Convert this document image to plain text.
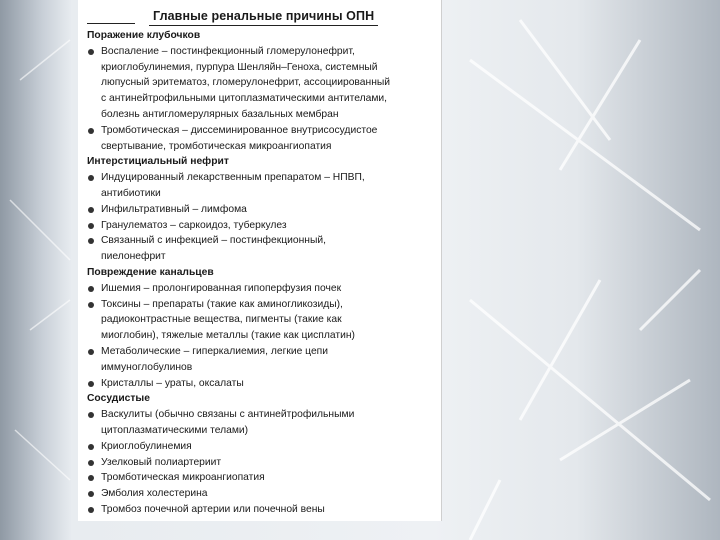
Главные ренальные причины ОПН
Поражение клубочков
Воспаление – постинфекционный гломерулонефрит,
криоглобулинемия, пурпура Шенляйн–Геноха, системный
люпусный эритематоз, гломерулонефрит, ассоциированный
с антинейтрофильными цитоплазматическими антителами,
болезнь антигломерулярных базальных мембран
Тромботическая – диссеминированное внутрисосудистое
свертывание, тромботическая микроангиопатия
Интерстициальный нефрит
Индуцированный лекарственным препаратом – НПВП,
антибиотики
Инфильтративный – лимфома
Гранулематоз – саркоидоз, туберкулез
Связанный с инфекцией – постинфекционный,
пиелонефрит
Повреждение канальцев
Ишемия – пролонгированная гипоперфузия почек
Токсины – препараты (такие как аминогликозиды),
радиоконтрастные вещества, пигменты (такие как
миоглобин), тяжелые металлы (такие как цисплатин)
Метаболические – гиперкалиемия, легкие цепи
иммуноглобулинов
Кристаллы – ураты, оксалаты
Сосудистые
Васкулиты (обычно связаны с антинейтрофильными
цитоплазматическими телами)
Криоглобулинемия
Узелковый полиартериит
Тромботическая микроангиопатия
Эмболия холестерина
Тромбоз почечной артерии или почечной вены
